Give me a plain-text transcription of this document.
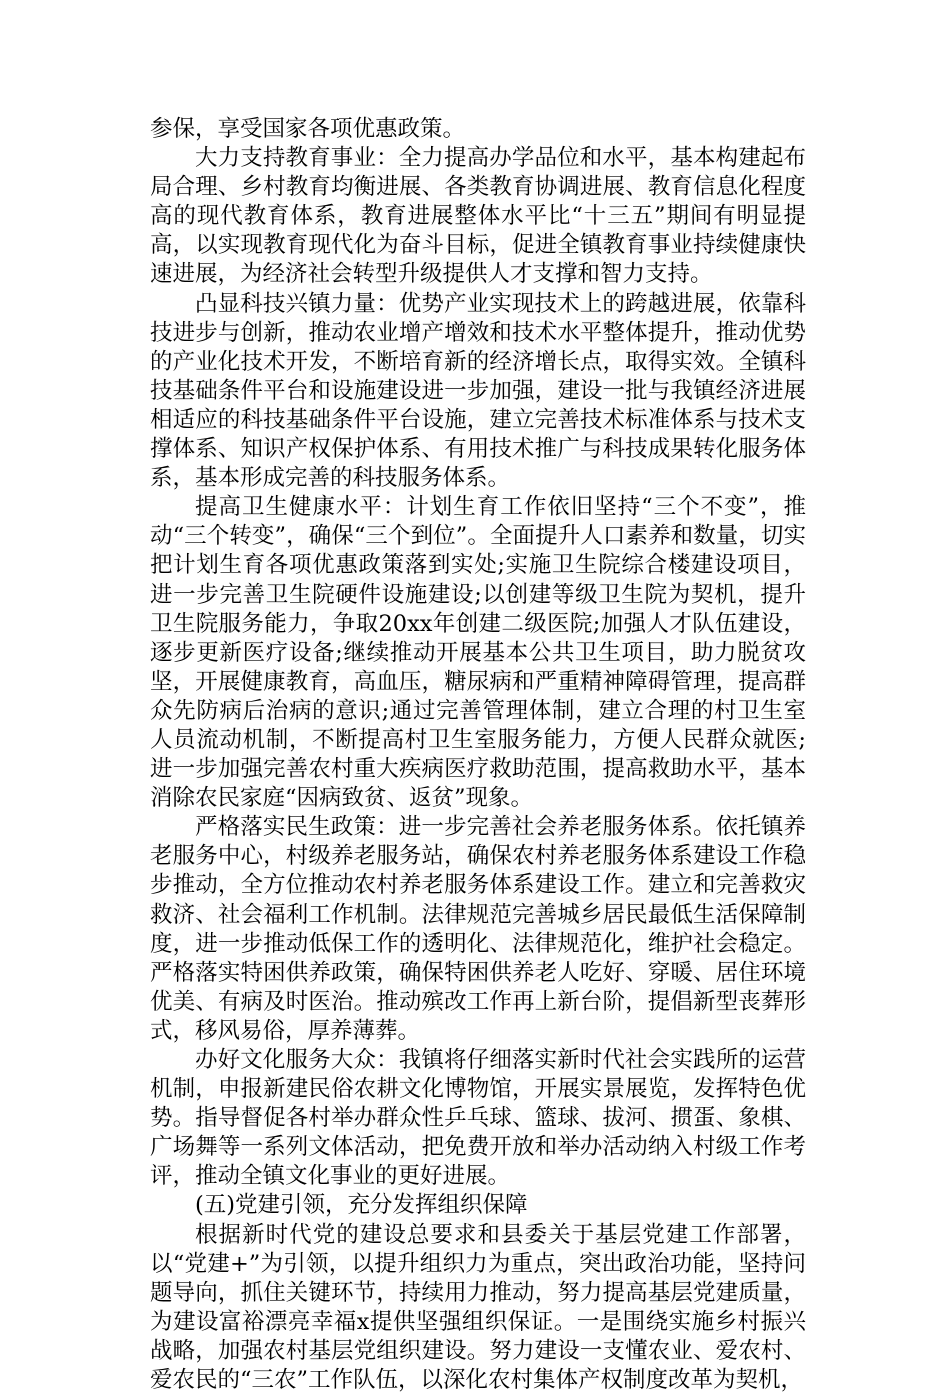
参保，享受国家各项优惠政策。

大力支持教育事业：全力提高办学品位和水平，基本构建起布局合理、乡村教育均衡进展、各类教育协调进展、教育信息化程度高的现代教育体系，教育进展整体水平比“十三五”期间有明显提高，以实现教育现代化为奋斗目标，促进全镇教育事业持续健康快速进展，为经济社会转型升级提供人才支撑和智力支持。

凸显科技兴镇力量：优势产业实现技术上的跨越进展，依靠科技进步与创新，推动农业增产增效和技术水平整体提升，推动优势的产业化技术开发，不断培育新的经济增长点，取得实效。全镇科技基础条件平台和设施建设进一步加强，建设一批与我镇经济进展相适应的科技基础条件平台设施，建立完善技术标准体系与技术支撑体系、知识产权保护体系、有用技术推广与科技成果转化服务体系，基本形成完善的科技服务体系。

提高卫生健康水平：计划生育工作依旧坚持“三个不变”，推动“三个转变”，确保“三个到位”。全面提升人口素养和数量，切实把计划生育各项优惠政策落到实处;实施卫生院综合楼建设项目，进一步完善卫生院硬件设施建设;以创建等级卫生院为契机，提升卫生院服务能力，争取20xx年创建二级医院;加强人才队伍建设，逐步更新医疗设备;继续推动开展基本公共卫生项目，助力脱贫攻坚，开展健康教育，高血压，糖尿病和严重精神障碍管理，提高群众先防病后治病的意识;通过完善管理体制，建立合理的村卫生室人员流动机制，不断提高村卫生室服务能力，方便人民群众就医;进一步加强完善农村重大疾病医疗救助范围，提高救助水平，基本消除农民家庭“因病致贫、返贫”现象。

严格落实民生政策：进一步完善社会养老服务体系。依托镇养老服务中心，村级养老服务站，确保农村养老服务体系建设工作稳步推动，全方位推动农村养老服务体系建设工作。建立和完善救灾救济、社会福利工作机制。法律规范完善城乡居民最低生活保障制度，进一步推动低保工作的透明化、法律规范化，维护社会稳定。严格落实特困供养政策，确保特困供养老人吃好、穿暖、居住环境优美、有病及时医治。推动殡改工作再上新台阶，提倡新型丧葬形式，移风易俗，厚养薄葬。

办好文化服务大众：我镇将仔细落实新时代社会实践所的运营机制，申报新建民俗农耕文化博物馆，开展实景展览，发挥特色优势。指导督促各村举办群众性乒乓球、篮球、拔河、掼蛋、象棋、广场舞等一系列文体活动，把免费开放和举办活动纳入村级工作考评，推动全镇文化事业的更好进展。

(五)党建引领，充分发挥组织保障

根据新时代党的建设总要求和县委关于基层党建工作部署，以“党建+”为引领，以提升组织力为重点，突出政治功能，坚持问题导向，抓住关键环节，持续用力推动，努力提高基层党建质量，为建设富裕漂亮幸福x提供坚强组织保证。一是围绕实施乡村振兴战略，加强农村基层党组织建设。努力建设一支懂农业、爱农村、爱农民的“三农”工作队伍，以深化农村集体产权制度改革为契机，
